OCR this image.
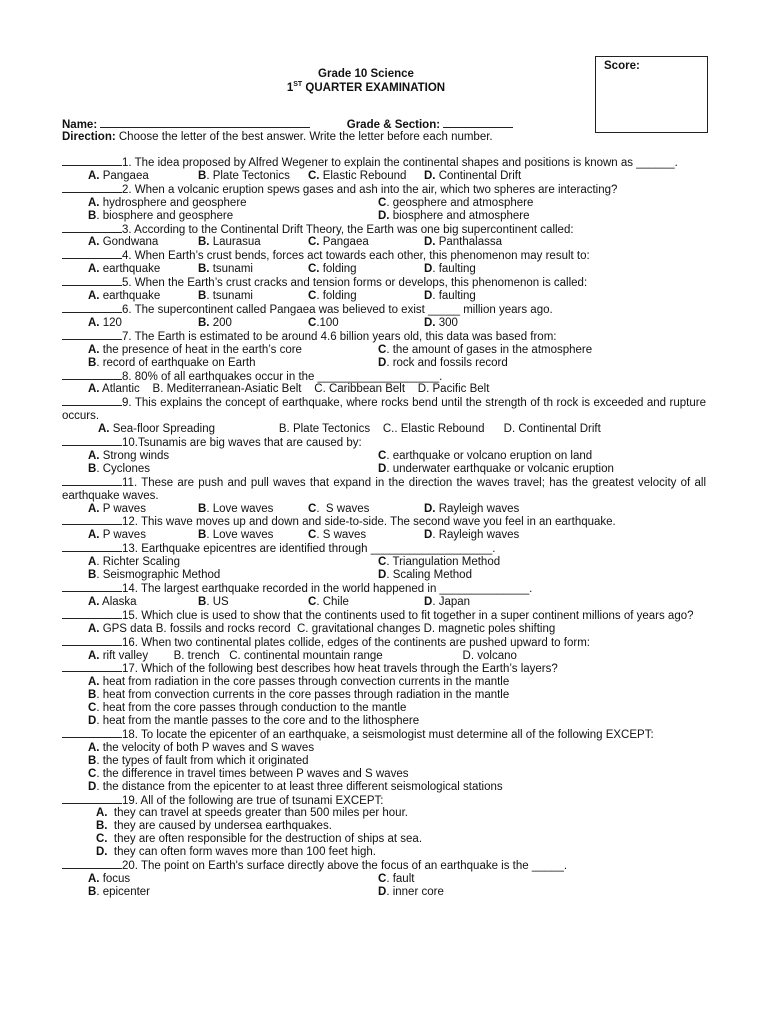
Score:
Grade 10 Science
1ST QUARTER EXAMINATION
Name:	Grade & Section:
Direction: Choose the letter of the best answer. Write the letter before each number.
1. The idea proposed by Alfred Wegener to explain the continental shapes and positions is known as ______.
A. Pangaea	B. Plate Tectonics	C. Elastic Rebound	D. Continental Drift
2. When a volcanic eruption spews gases and ash into the air, which two spheres are interacting?
A. hydrosphere and geosphere	C. geosphere and atmosphere
B. biosphere and geosphere	D. biosphere and atmosphere
3. According to the Continental Drift Theory, the Earth was one big supercontinent called:
A. Gondwana	B. Laurasua	C. Pangaea	D. Panthalassa
4. When Earth’s crust bends, forces act towards each other, this phenomenon may result to:
A. earthquake	B. tsunami	C. folding	D. faulting
5. When the Earth’s crust cracks and tension forms or develops, this phenomenon is called:
A. earthquake	B. tsunami	C. folding	D. faulting
6. The supercontinent called Pangaea was believed to exist _____ million years ago.
A. 120	B. 200	C.100	D. 300
7. The Earth is estimated to be around 4.6 billion years old, this data was based from:
A. the presence of heat in the earth’s core	C. the amount of gases in the atmosphere
B. record of earthquake on Earth	D. rock and fossils record
8. 80% of all earthquakes occur in the ___________________.
A. Atlantic    B. Mediterranean-Asiatic Belt    C. Caribbean Belt    D. Pacific Belt
9. This explains the concept of earthquake, where rocks bend until the strength of th rock is exceeded and rupture occurs.
A. Sea-floor Spreading                    B. Plate Tectonics    C.. Elastic Rebound      D. Continental Drift
10.Tsunamis are big waves that are caused by:
A. Strong winds	C. earthquake or volcano eruption on land
B. Cyclones	D. underwater earthquake or volcanic eruption
11. These are push and pull waves that expand in the direction the waves travel; has the greatest velocity of all earthquake waves.
A. P waves	B. Love waves	C.  S waves	D. Rayleigh waves
12. This wave moves up and down and side-to-side. The second wave you feel in an earthquake.
A. P waves	B. Love waves	C. S waves	D. Rayleigh waves
13. Earthquake epicentres are identified through ___________________.
A. Richter Scaling	C. Triangulation Method
B. Seismographic Method	D. Scaling Method
14. The largest earthquake recorded in the world happened in ______________.
A. Alaska	B. US	C. Chile	D. Japan
15. Which clue is used to show that the continents used to fit together in a super continent millions of years ago?
A. GPS data B. fossils and rocks record  C. gravitational changes D. magnetic poles shifting
16. When two continental plates collide, edges of the continents are pushed upward to form:
A. rift valley        B. trench   C. continental mountain range                         D. volcano
17. Which of the following best describes how heat travels through the Earth’s layers?
A. heat from radiation in the core passes through convection currents in the mantle
B. heat from convection currents in the core passes through radiation in the mantle
C. heat from the core passes through conduction to the mantle
D. heat from the mantle passes to the core and to the lithosphere
18. To locate the epicenter of an earthquake, a seismologist must determine all of the following EXCEPT:
A. the velocity of both P waves and S waves
B. the types of fault from which it originated
C. the difference in travel times between P waves and S waves
D. the distance from the epicenter to at least three different seismological stations
19. All of the following are true of tsunami EXCEPT:
A.  they can travel at speeds greater than 500 miles per hour.
B.  they are caused by undersea earthquakes.
C.  they are often responsible for the destruction of ships at sea.
D.  they can often form waves more than 100 feet high.
20. The point on Earth's surface directly above the focus of an earthquake is the _____.
A. focus	C. fault
B. epicenter	D. inner core
